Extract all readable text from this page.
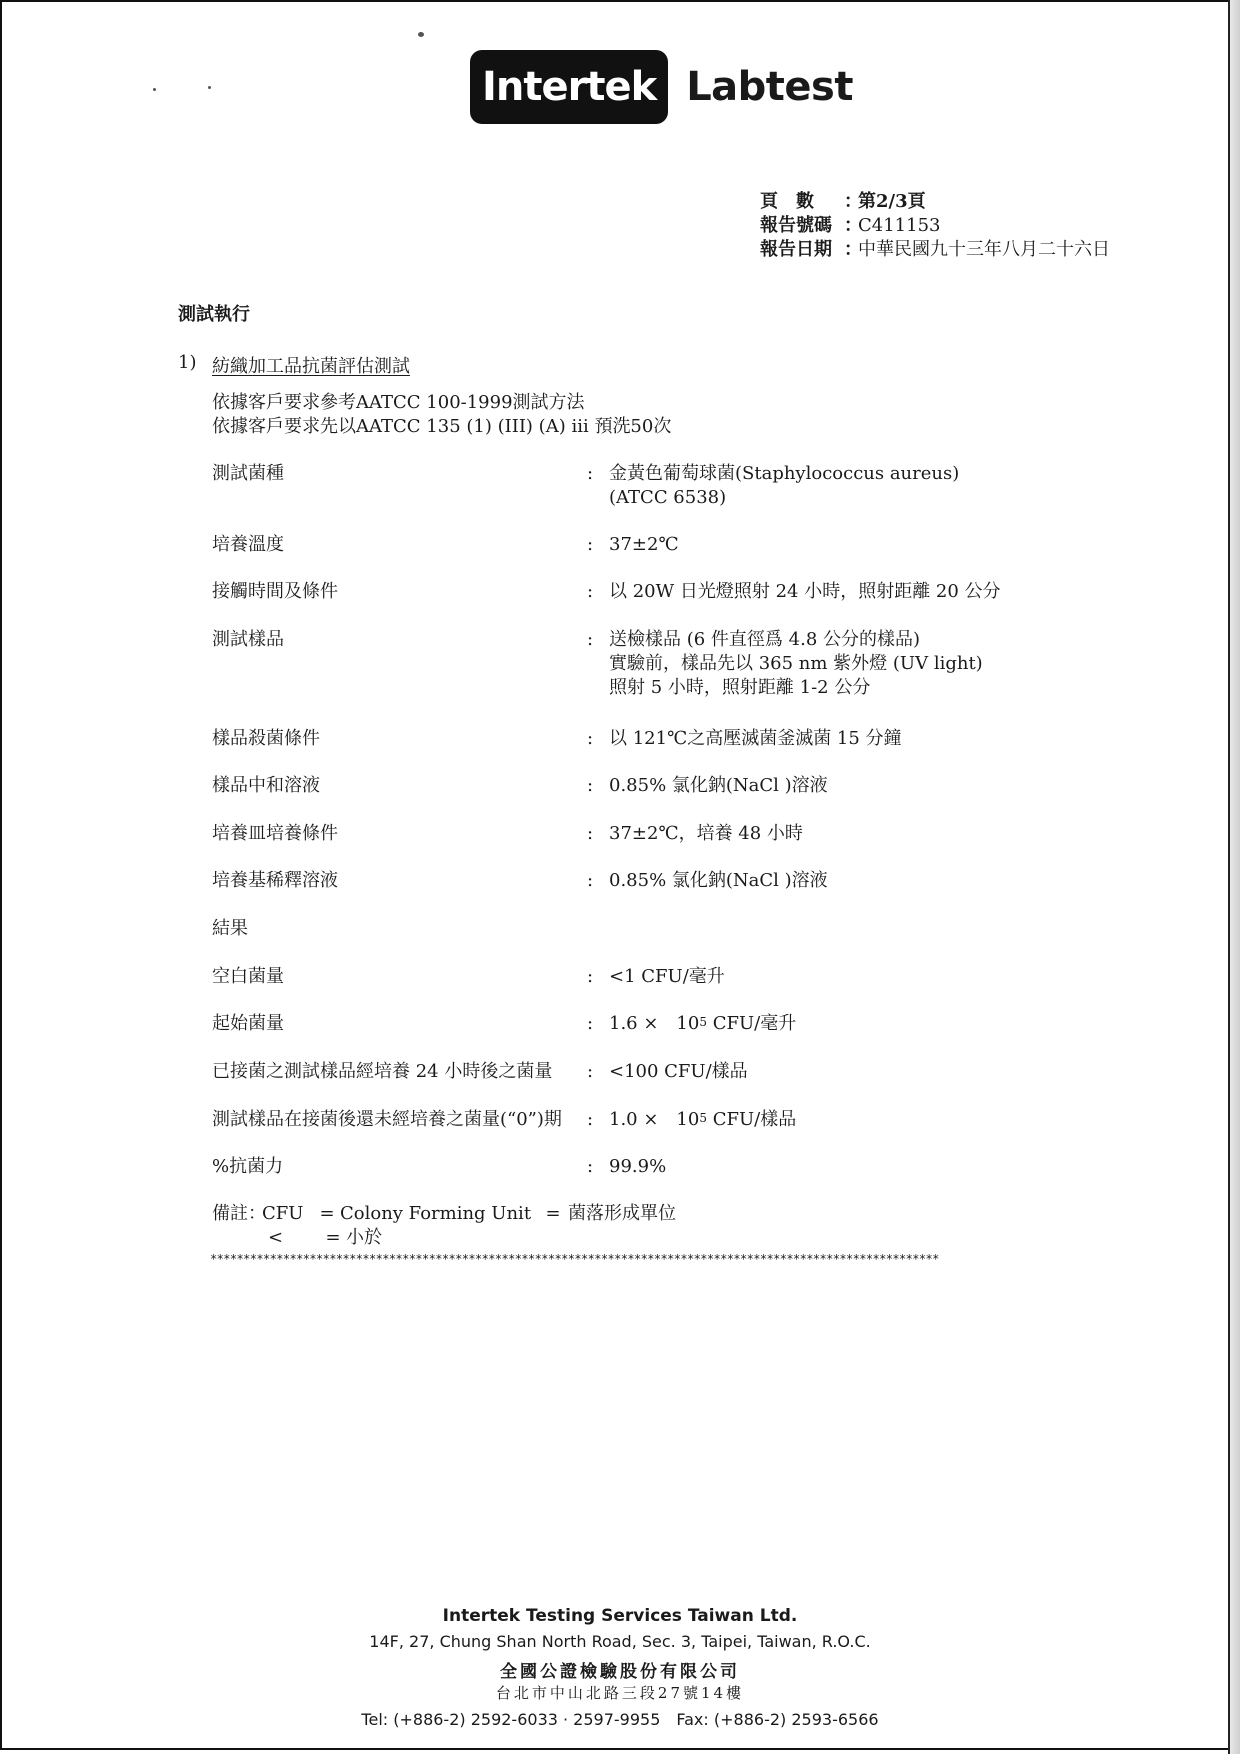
Intertek Labtest
頁　數	：
第2/3頁
報告號碼 ：
C411153
報告日期 ：
中華民國九十三年八月二十六日
測試執行
1) 紡織加工品抗菌評估測試
依據客戶要求參考AATCC 100-1999測試方法
依據客戶要求先以AATCC 135 (1) (III) (A) iii 預洗50次
測試菌種	: 金黃色葡萄球菌(Staphylococcus aureus)
(ATCC 6538)
培養溫度	: 37±2℃
接觸時間及條件	: 以 20W 日光燈照射 24 小時，照射距離 20 公分
測試樣品	: 送檢樣品 (6 件直徑爲 4.8 公分的樣品)
實驗前，樣品先以 365 nm 紫外燈 (UV light)
照射 5 小時，照射距離 1-2 公分
樣品殺菌條件	: 以 121℃之高壓滅菌釜滅菌 15 分鐘
樣品中和溶液	: 0.85% 氯化鈉(NaCl )溶液
培養皿培養條件	: 37±2℃，培養 48 小時
培養基稀釋溶液	: 0.85% 氯化鈉(NaCl )溶液
結果
空白菌量	: <1 CFU/毫升
起始菌量	: 1.6 ×　$10^5$ CFU/毫升
已接菌之測試樣品經培養 24 小時後之菌量	: <100 CFU/樣品
測試樣品在接菌後還未經培養之菌量(“0”)期	: 1.0 ×　$10^5$ CFU/樣品
%抗菌力	: 99.9%
備註：
CFU = Colony Forming Unit = 菌落形成單位
<	= 小於
**************************************************************************************************************
Intertek Testing Services Taiwan Ltd.
14F, 27, Chung Shan North Road, Sec. 3, Taipei, Taiwan, R.O.C.
全國公證檢驗股份有限公司
台北市中山北路三段27號14樓
Tel: (+886-2) 2592-6033 · 2597-9955　Fax: (+886-2) 2593-6566
